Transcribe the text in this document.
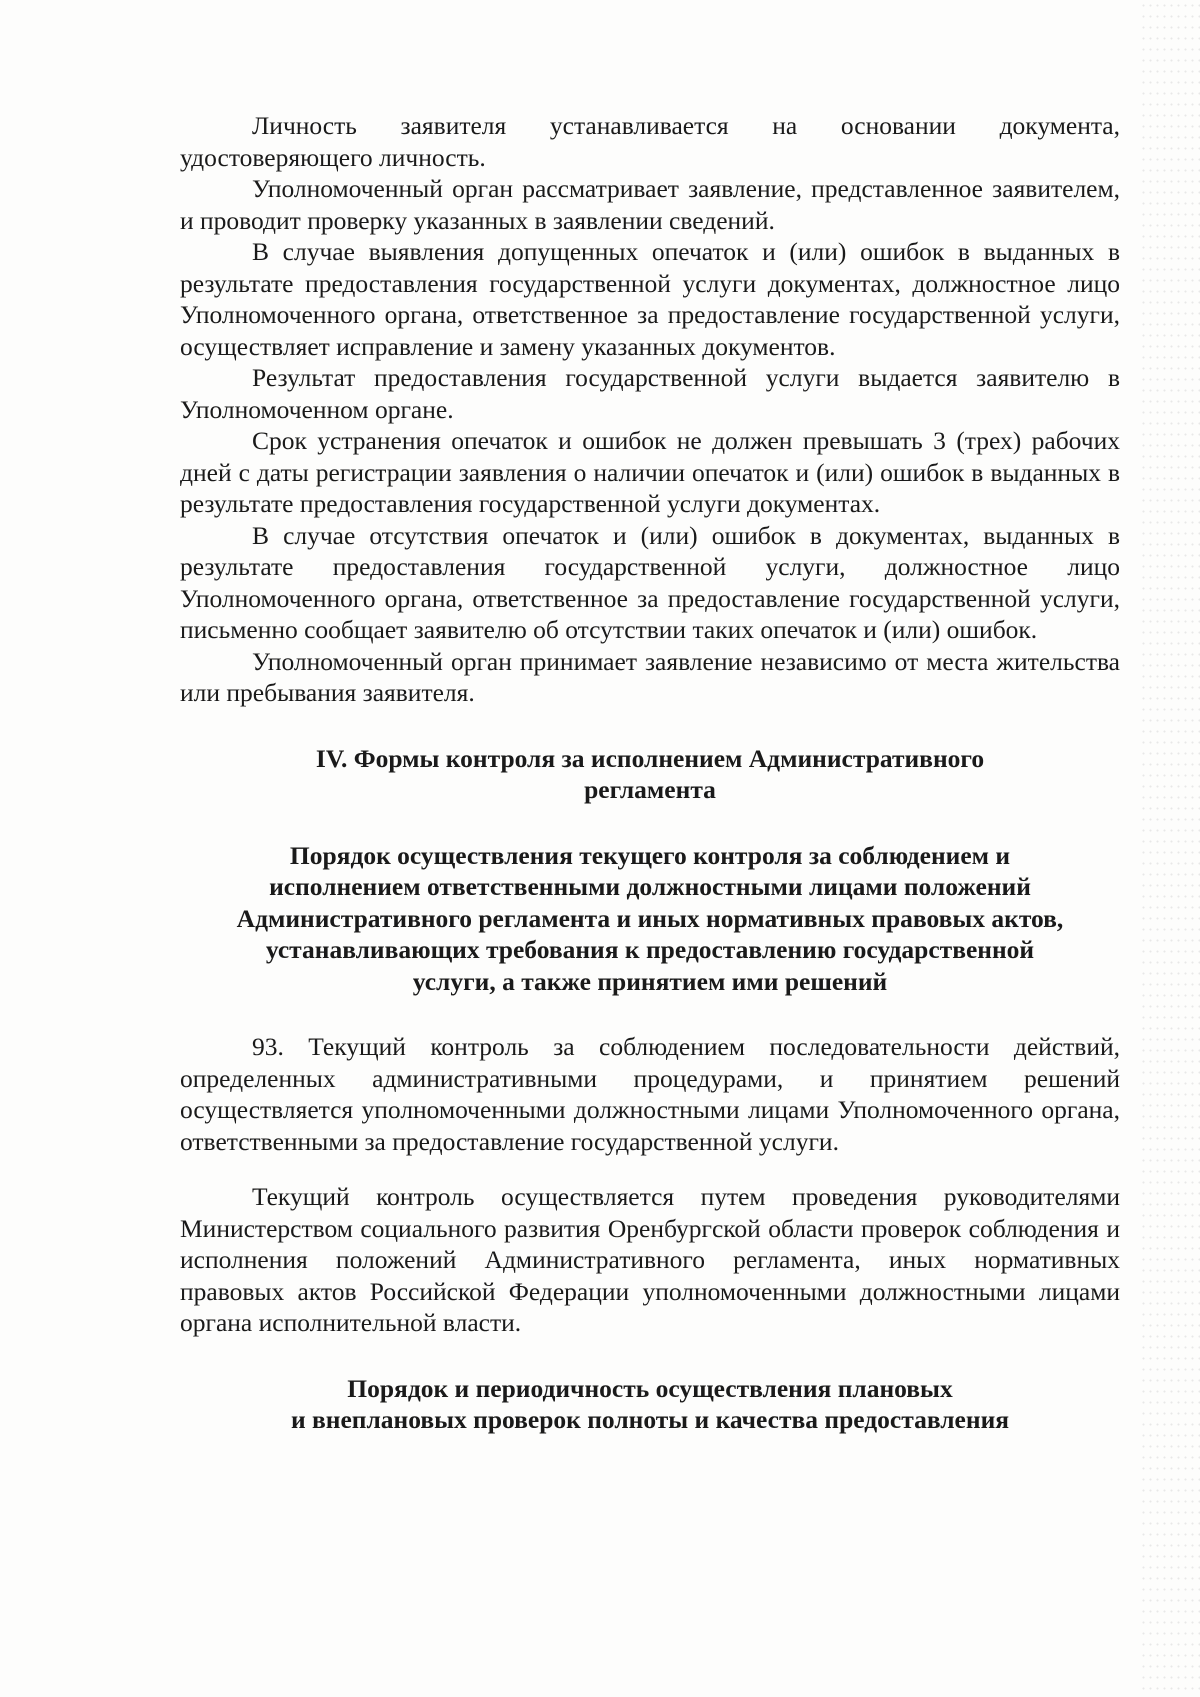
Личность заявителя устанавливается на основании документа, удостоверяющего личность.

Уполномоченный орган рассматривает заявление, представленное заявителем, и проводит проверку указанных в заявлении сведений.

В случае выявления допущенных опечаток и (или) ошибок в выданных в результате предоставления государственной услуги документах, должностное лицо Уполномоченного органа, ответственное за предоставление государственной услуги, осуществляет исправление и замену указанных документов.

Результат предоставления государственной услуги выдается заявителю в Уполномоченном органе.

Срок устранения опечаток и ошибок не должен превышать 3 (трех) рабочих дней с даты регистрации заявления о наличии опечаток и (или) ошибок в выданных в результате предоставления государственной услуги документах.

В случае отсутствия опечаток и (или) ошибок в документах, выданных в результате предоставления государственной услуги, должностное лицо Уполномоченного органа, ответственное за предоставление государственной услуги, письменно сообщает заявителю об отсутствии таких опечаток и (или) ошибок.

Уполномоченный орган принимает заявление независимо от места жительства или пребывания заявителя.

IV. Формы контроля за исполнением Административного
регламента
Порядок осуществления текущего контроля за соблюдением и
исполнением ответственными должностными лицами положений
Административного регламента и иных нормативных правовых актов,
устанавливающих требования к предоставлению государственной
услуги, а также принятием ими решений

93. Текущий контроль за соблюдением последовательности действий, определенных административными процедурами, и принятием решений осуществляется уполномоченными должностными лицами Уполномоченного органа, ответственными за предоставление государственной услуги.

Текущий контроль осуществляется путем проведения руководителями Министерством социального развития Оренбургской области проверок соблюдения и исполнения положений Административного регламента, иных нормативных правовых актов Российской Федерации уполномоченными должностными лицами органа исполнительной власти.

Порядок и периодичность осуществления плановых
и внеплановых проверок полноты и качества предоставления
